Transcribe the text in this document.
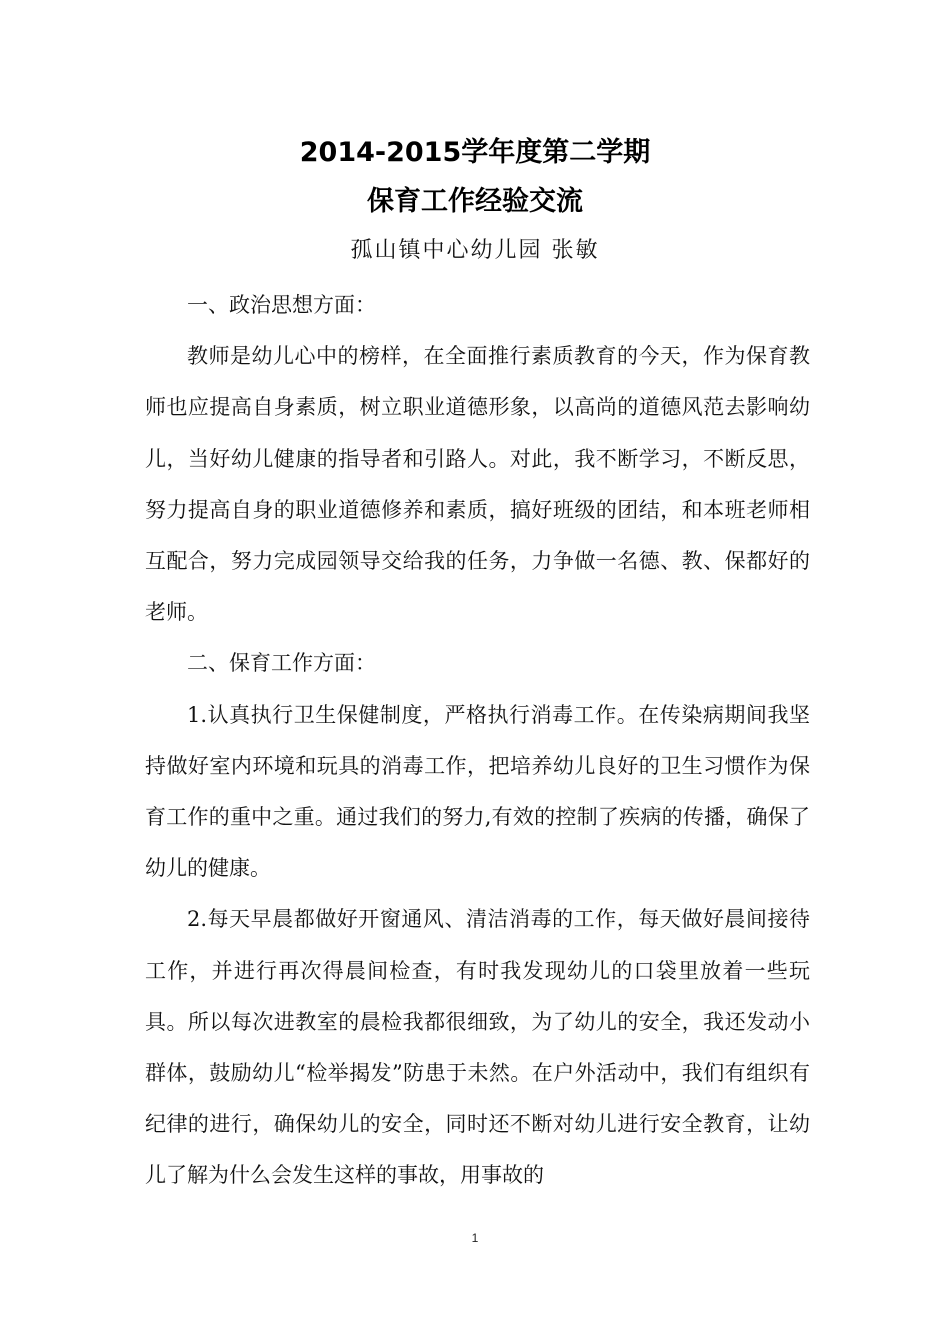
2014-2015学年度第二学期
保育工作经验交流
孤山镇中心幼儿园 张敏

一、政治思想方面：

教师是幼儿心中的榜样，在全面推行素质教育的今天，作为保育教师也应提高自身素质，树立职业道德形象，以高尚的道德风范去影响幼儿，当好幼儿健康的指导者和引路人。对此，我不断学习，不断反思，努力提高自身的职业道德修养和素质，搞好班级的团结，和本班老师相互配合，努力完成园领导交给我的任务，力争做一名德、教、保都好的老师。

二、保育工作方面：

1.认真执行卫生保健制度，严格执行消毒工作。在传染病期间我坚持做好室内环境和玩具的消毒工作，把培养幼儿良好的卫生习惯作为保育工作的重中之重。通过我们的努力,有效的控制了疾病的传播，确保了幼儿的健康。

2.每天早晨都做好开窗通风、清洁消毒的工作，每天做好晨间接待工作，并进行再次得晨间检查，有时我发现幼儿的口袋里放着一些玩具。所以每次进教室的晨检我都很细致，为了幼儿的安全，我还发动小群体，鼓励幼儿“检举揭发”防患于未然。在户外活动中，我们有组织有纪律的进行，确保幼儿的安全，同时还不断对幼儿进行安全教育，让幼儿了解为什么会发生这样的事故，用事故的

1
